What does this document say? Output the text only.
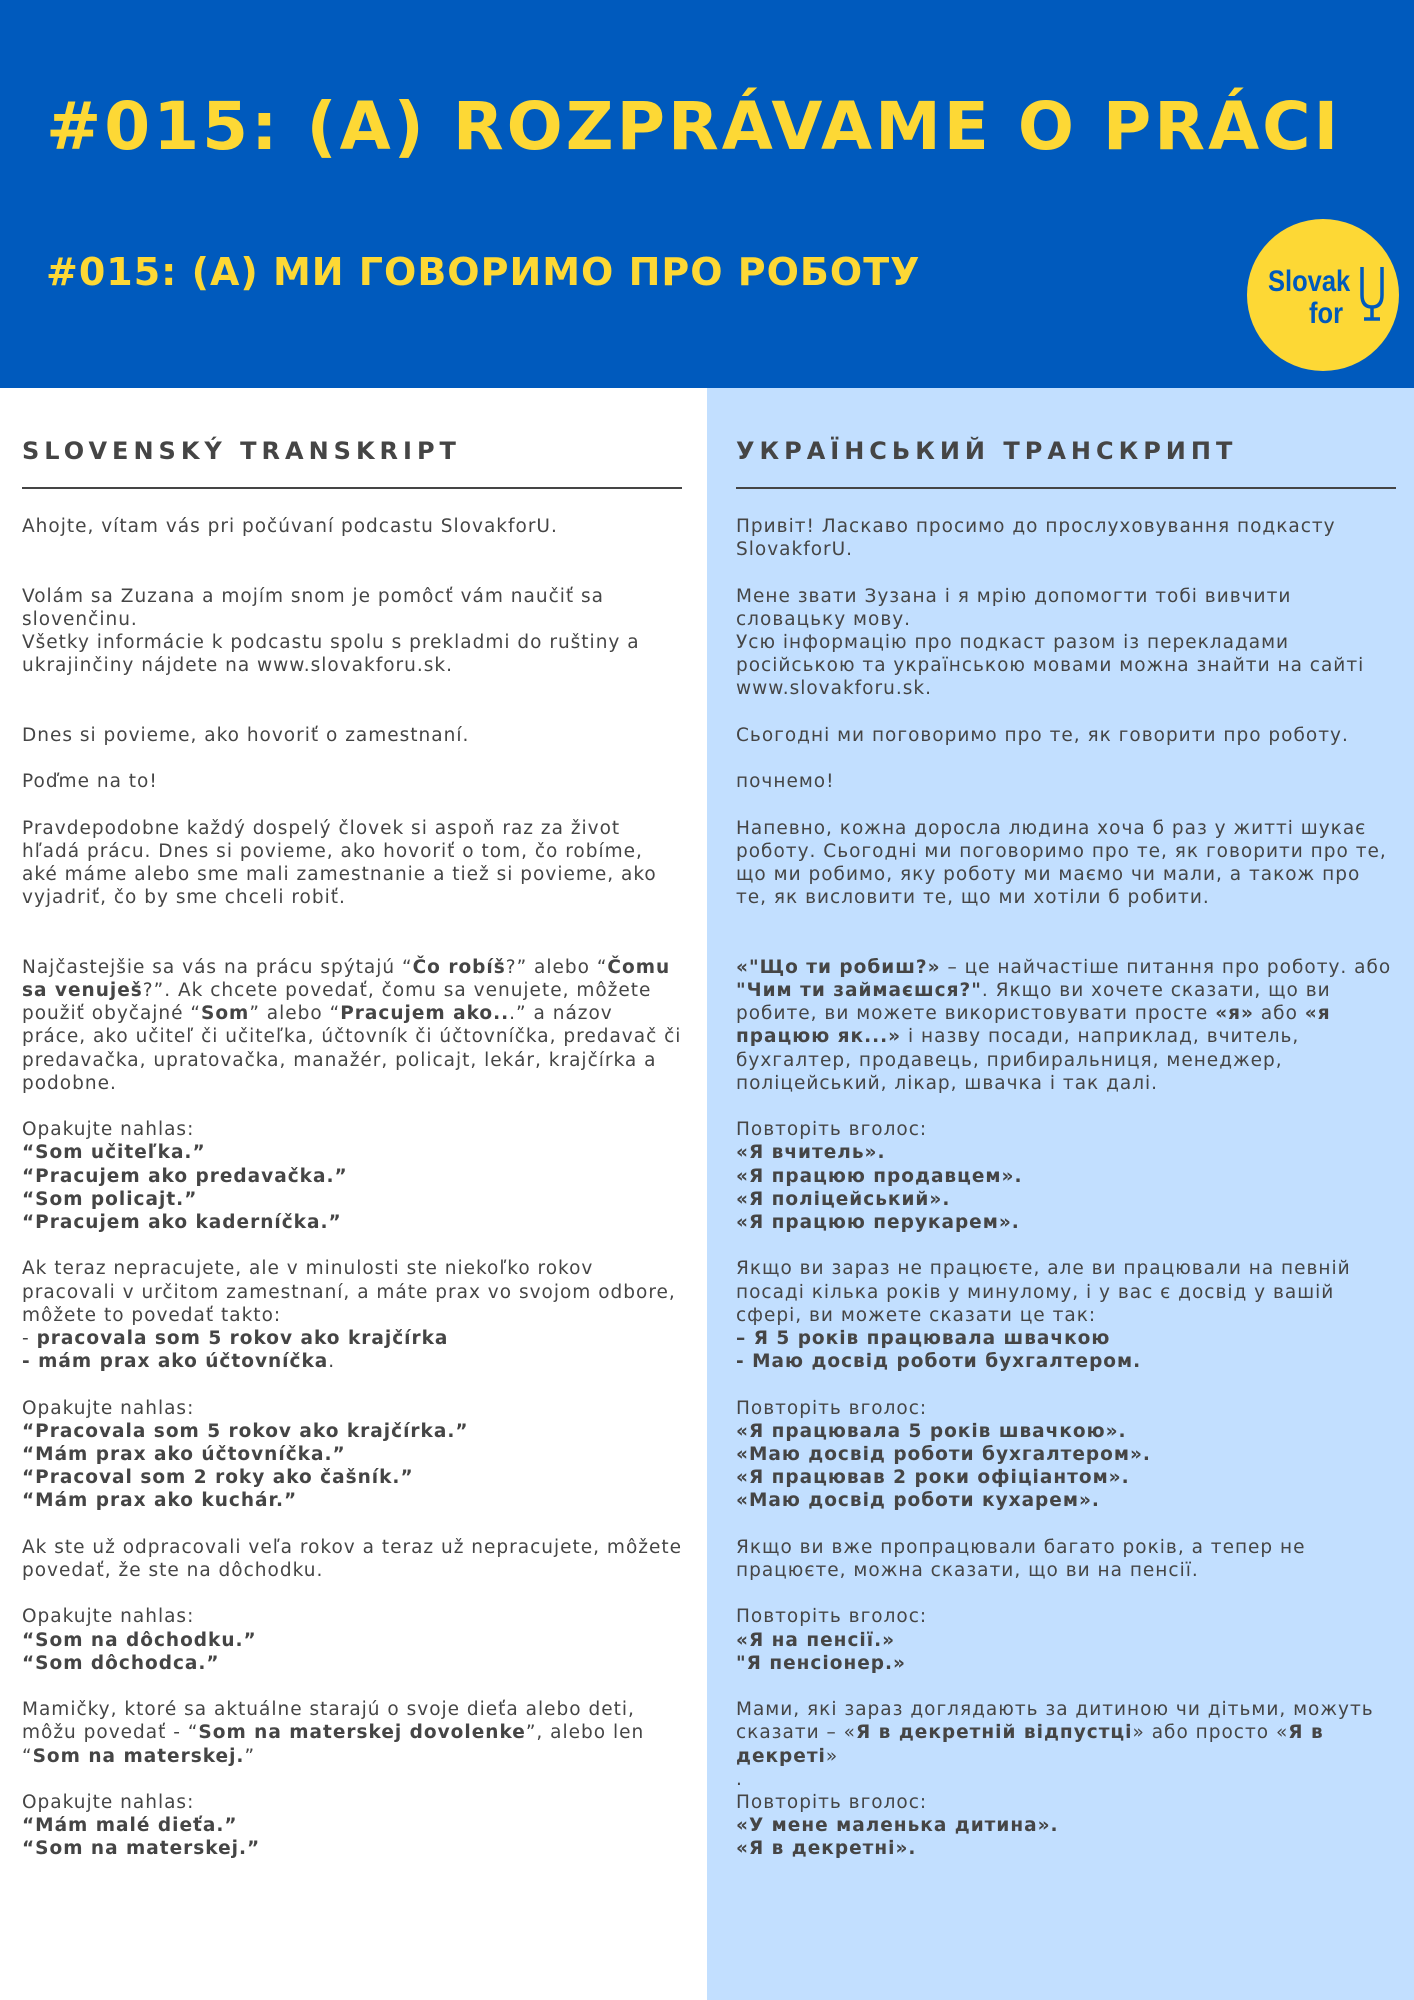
#015: (A) ROZPRÁVAME O PRÁCI
#015: (А) МИ ГОВОРИМО ПРО РОБОТУ	Slovak
for
SLOVENSKÝ TRANSKRIPT

Ahojte, vítam vás pri počúvaní podcastu SlovakforU.

Volám sa Zuzana a mojím snom je pomôcť vám naučiť sa slovenčinu.

Všetky informácie k podcastu spolu s prekladmi do ruštiny a ukrajinčiny nájdete na www.slovakforu.sk.

Dnes si povieme, ako hovoriť o zamestnaní.

Poďme na to!

Pravdepodobne každý dospelý človek si aspoň raz za život hľadá prácu. Dnes si povieme, ako hovoriť o tom, čo robíme, aké máme alebo sme mali zamestnanie a tiež si povieme, ako vyjadriť, čo by sme chceli robiť.

Najčastejšie sa vás na prácu spýtajú “Čo robíš?” alebo “Čomu sa venuješ?”. Ak chcete povedať, čomu sa venujete, môžete použiť obyčajné “Som” alebo “Pracujem ako...” a názov práce, ako učiteľ či učiteľka, účtovník či účtovníčka, predavač či predavačka, upratovačka, manažér, policajt, lekár, krajčírka a podobne.

Opakujte nahlas:

“Som učiteľka.”

“Pracujem ako predavačka.”

“Som policajt.”

“Pracujem ako kaderníčka.”

Ak teraz nepracujete, ale v minulosti ste niekoľko rokov pracovali v určitom zamestnaní, a máte prax vo svojom odbore, môžete to povedať takto:

- pracovala som 5 rokov ako krajčírka

- mám prax ako účtovníčka.

Opakujte nahlas:

“Pracovala som 5 rokov ako krajčírka.”

“Mám prax ako účtovníčka.”

“Pracoval som 2 roky ako čašník.”

“Mám prax ako kuchár.”

Ak ste už odpracovali veľa rokov a teraz už nepracujete, môžete povedať, že ste na dôchodku.

Opakujte nahlas:

“Som na dôchodku.”

“Som dôchodca.”

Mamičky, ktoré sa aktuálne starajú o svoje dieťa alebo deti, môžu povedať - “Som na materskej dovolenke”, alebo len “Som na materskej.”

Opakujte nahlas:

“Mám malé dieťa.”

“Som na materskej.”

УКРАЇНСЬКИЙ ТРАНСКРИПТ

Привіт! Ласкаво просимо до прослуховування подкасту SlovakforU.

Мене звати Зузана і я мрію допомогти тобі вивчити словацьку мову.

Усю інформацію про подкаст разом із перекладами російською та українською мовами можна знайти на сайті www.slovakforu.sk.

Сьогодні ми поговоримо про те, як говорити про роботу.

почнемо!

Напевно, кожна доросла людина хоча б раз у житті шукає роботу. Сьогодні ми поговоримо про те, як говорити про те, що ми робимо, яку роботу ми маємо чи мали, а також про те, як висловити те, що ми хотіли б робити.

«"Що ти робиш?» – це найчастіше питання про роботу. або "Чим ти займаєшся?". Якщо ви хочете сказати, що ви робите, ви можете використовувати просте «я» або «я працюю як...» і назву посади, наприклад, вчитель, бухгалтер, продавець, прибиральниця, менеджер, поліцейський, лікар, швачка і так далі.

Повторіть вголос:

«Я вчитель».

«Я працюю продавцем».

«Я поліцейський».

«Я працюю перукарем».

Якщо ви зараз не працюєте, але ви працювали на певній посаді кілька років у минулому, і у вас є досвід у вашій сфері, ви можете сказати це так:

– Я 5 років працювала швачкою

- Маю досвід роботи бухгалтером.

Повторіть вголос:

«Я працювала 5 років швачкою».

«Маю досвід роботи бухгалтером».

«Я працював 2 роки офіціантом».

«Маю досвід роботи кухарем».

Якщо ви вже пропрацювали багато років, а тепер не працюєте, можна сказати, що ви на пенсії.

Повторіть вголос:

«Я на пенсії.»

"Я пенсіонер.»

Мами, які зараз доглядають за дитиною чи дітьми, можуть сказати – «Я в декретній відпустці» або просто «Я в декреті»

.

Повторіть вголос:

«У мене маленька дитина».

«Я в декретні».
